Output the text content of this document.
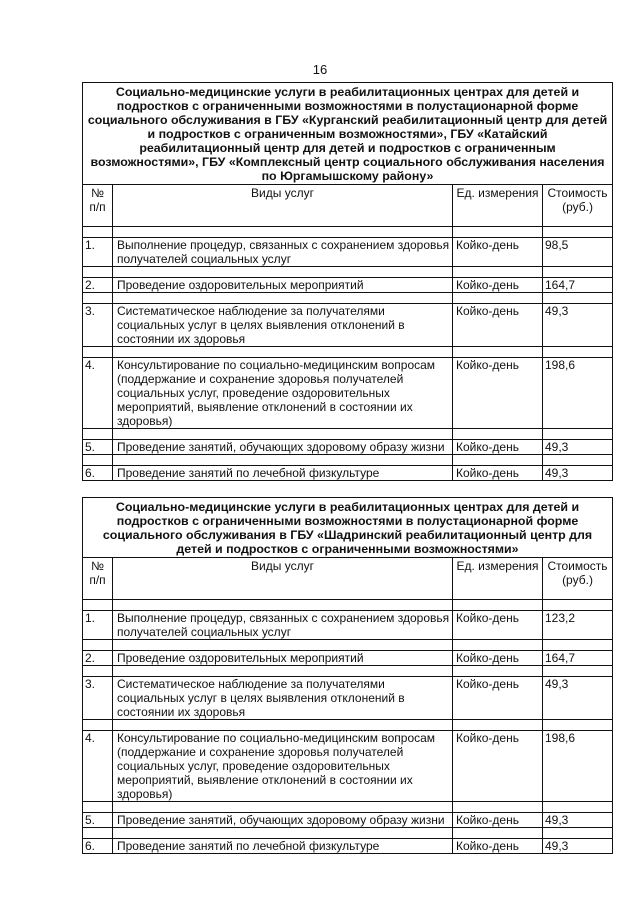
16
Социально-медицинские услуги в реабилитационных центрах для детей и подростков с ограниченными возможностями в полустационарной форме социального обслуживания в ГБУ «Курганский реабилитационный центр для детей и подростков с ограниченным возможностями», ГБУ «Катайский реабилитационный центр для детей и подростков с ограниченным возможностями», ГБУ «Комплексный центр социального обслуживания населения по Юргамышскому району»			
№ п/п	Виды услуг	Ед. измерения	Стоимость (руб.)

1.	Выполнение процедур, связанных с сохранением здоровья получателей социальных услуг	Койко-день	98,5

2.	Проведение оздоровительных мероприятий	Койко-день	164,7

3.	Систематическое наблюдение за получателями социальных услуг в целях выявления отклонений в состоянии их здоровья	Койко-день	49,3

4.	Консультирование по социально-медицинским вопросам (поддержание и сохранение здоровья получателей социальных услуг, проведение оздоровительных мероприятий, выявление отклонений в состоянии их здоровья)	Койко-день	198,6

5.	Проведение занятий, обучающих здоровому образу жизни	Койко-день	49,3

6.	Проведение занятий по лечебной физкультуре	Койко-день	49,3
Социально-медицинские услуги в реабилитационных центрах для детей и подростков с ограниченными возможностями в полустационарной форме социального обслуживания в ГБУ «Шадринский реабилитационный центр для детей и подростков с ограниченными возможностями»			
№ п/п	Виды услуг	Ед. измерения	Стоимость (руб.)

1.	Выполнение процедур, связанных с сохранением здоровья получателей социальных услуг	Койко-день	123,2

2.	Проведение оздоровительных мероприятий	Койко-день	164,7

3.	Систематическое наблюдение за получателями социальных услуг в целях выявления отклонений в состоянии их здоровья	Койко-день	49,3

4.	Консультирование по социально-медицинским вопросам (поддержание и сохранение здоровья получателей социальных услуг, проведение оздоровительных мероприятий, выявление отклонений в состоянии их здоровья)	Койко-день	198,6

5.	Проведение занятий, обучающих здоровому образу жизни	Койко-день	49,3

6.	Проведение занятий по лечебной физкультуре	Койко-день	49,3
